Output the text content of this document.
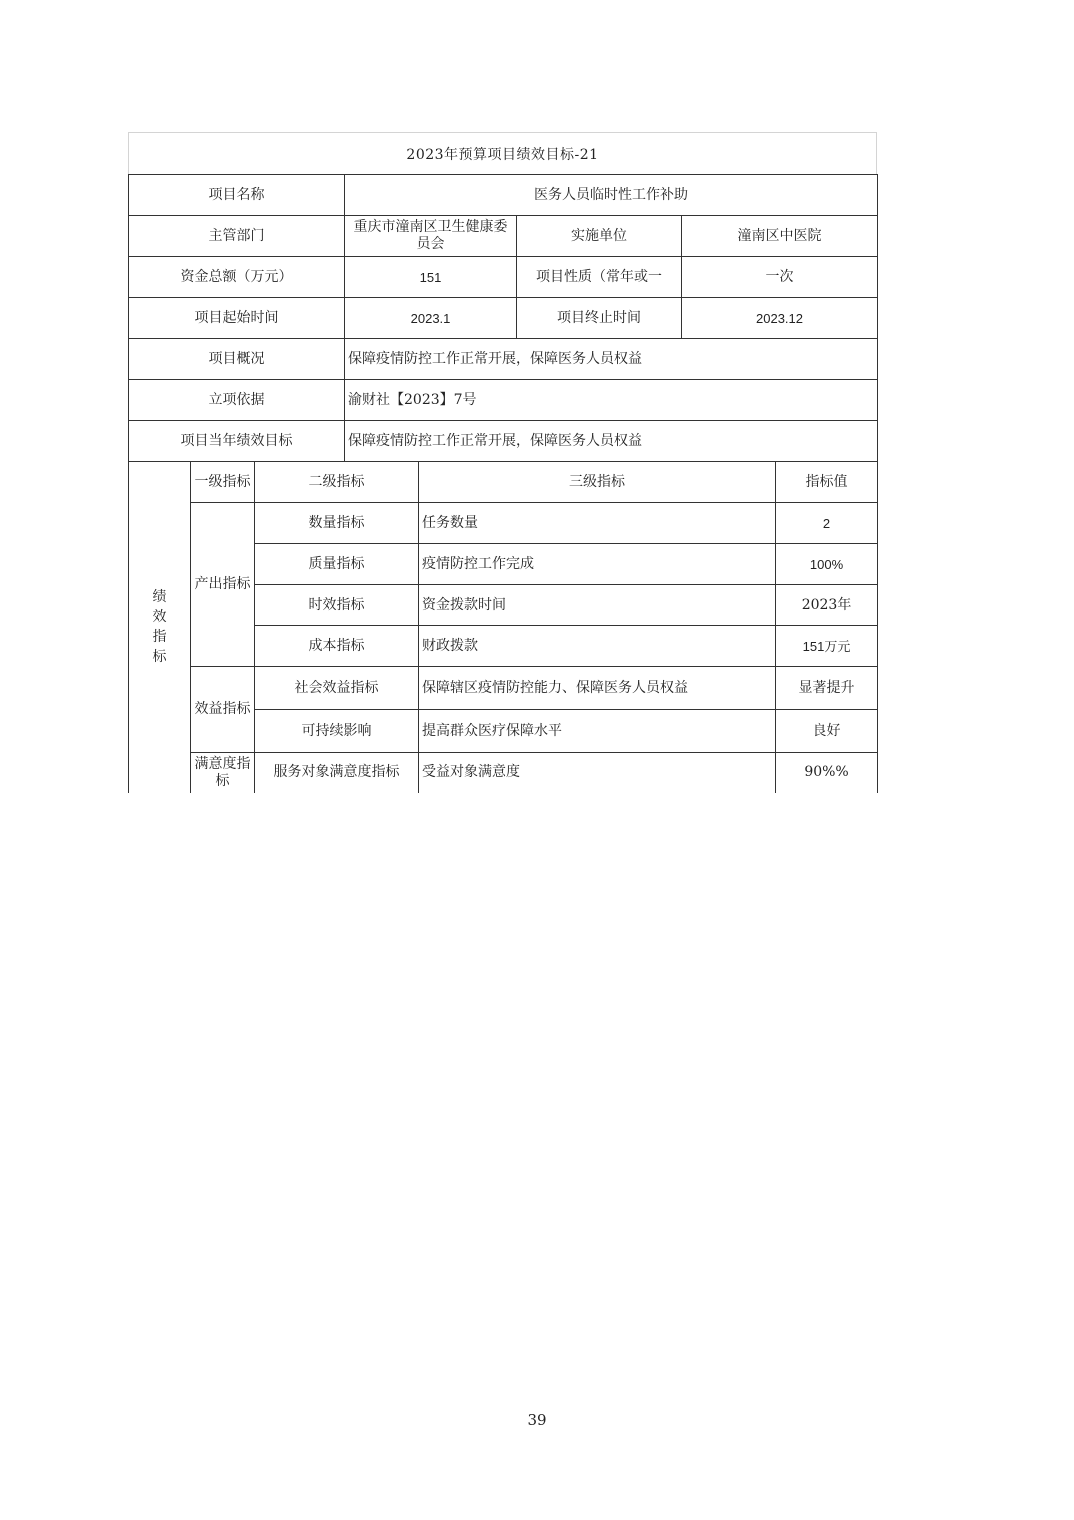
2023年预算项目绩效目标-21
项目名称			医务人员临时性工作补助				
主管部门			重庆市潼南区卫生健康委员会		实施单位	潼南区中医院	
资金总额（万元）			151		项目性质（常年或一	一次	
项目起始时间			2023.1		项目终止时间	2023.12	
项目概况			保障疫情防控工作正常开展，保障医务人员权益				
立项依据			渝财社【2023】7号				
项目当年绩效目标			保障疫情防控工作正常开展，保障医务人员权益				
绩效指标	一级指标	二级指标		三级指标			指标值
	产出指标	数量指标		任务数量			2
		质量指标		疫情防控工作完成			100%
		时效指标		资金拨款时间			2023年
		成本指标		财政拨款			151万元
	效益指标	社会效益指标		保障辖区疫情防控能力、保障医务人员权益			显著提升
		可持续影响		提高群众医疗保障水平			良好
	满意度指标	服务对象满意度指标		受益对象满意度			90%%
39
